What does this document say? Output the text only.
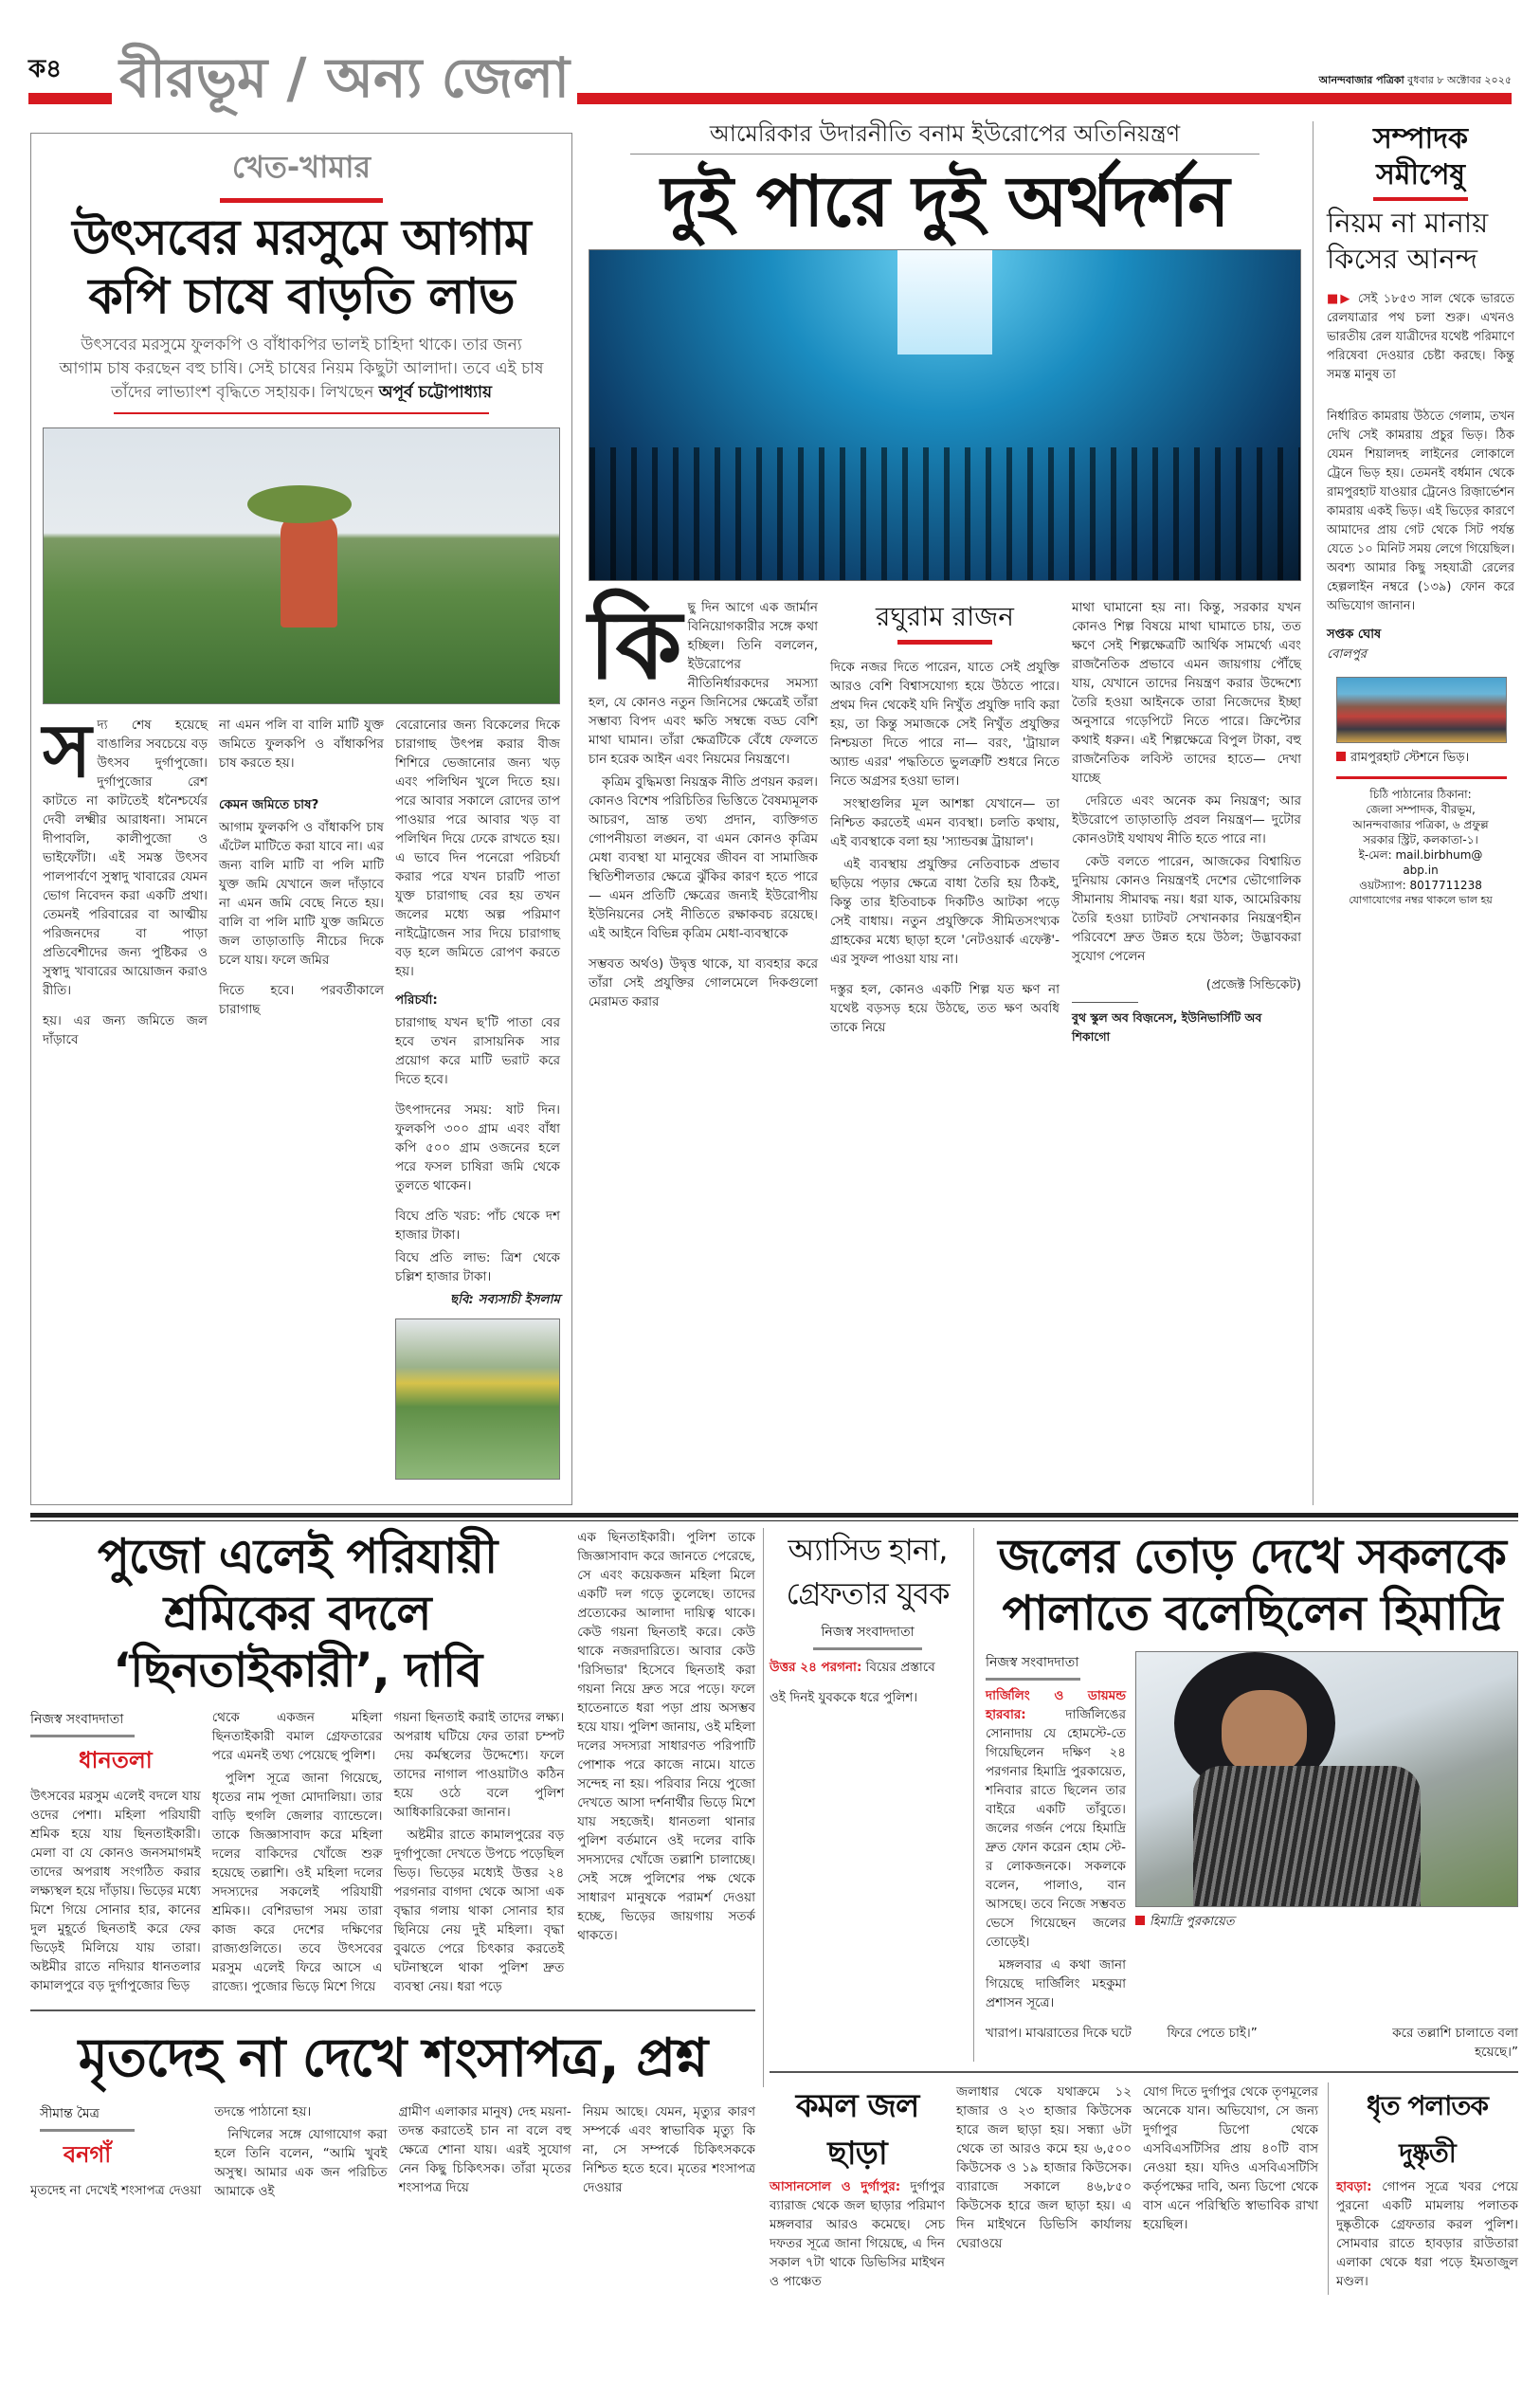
ক৪ বীরভূম / অন্য জেলা	আনন্দবাজার পত্রিকা বুধবার ৮ অক্টোবর ২০২৫
খেত-খামার
উৎসবের মরসুমে আগাম কপি চাষে বাড়তি লাভ
উৎসবের মরসুমে ফুলকপি ও বাঁধাকপির ভালই চাহিদা থাকে। তার জন্য আগাম চাষ করছেন বহু চাষি। সেই চাষের নিয়ম কিছুটা আলাদা। তবে এই চাষ তাঁদের লাভ্যাংশ বৃদ্ধিতে সহায়ক। লিখছেন অপূর্ব চট্টোপাধ্যায়

সদ্য শেষ হয়েছে বাঙালির সবচেয়ে বড় উৎসব দুর্গাপুজো। দুর্গাপুজোর রেশ কাটতে না কাটতেই ধনৈশ্চর্যের দেবী লক্ষ্মীর আরাধনা। সামনে দীপাবলি, কালীপুজো ও ভাইফোঁটা। এই সমস্ত উৎসব পালপার্বণে সুস্বাদু খাবারের যেমন ভোগ নিবেদন করা একটি প্রথা। তেমনই পরিবারের বা আত্মীয় পরিজনদের বা পাড়া প্রতিবেশীদের জন্য পুষ্টিকর ও সুস্বাদু খাবারের আয়োজন করাও রীতি।

হয়। এর জন্য জমিতে জল দাঁড়াবে

না এমন পলি বা বালি মাটি যুক্ত জমিতে ফুলকপি ও বাঁধাকপির চাষ করতে হয়।

কেমন জমিতে চাষ?

আগাম ফুলকপি ও বাঁধাকপি চাষ এঁটেল মাটিতে করা যাবে না। এর জন্য বালি মাটি বা পলি মাটি যুক্ত জমি যেখানে জল দাঁড়াবে না এমন জমি বেছে নিতে হয়। বালি বা পলি মাটি যুক্ত জমিতে জল তাড়াতাড়ি নীচের দিকে চলে যায়। ফলে জমির

দিতে হবে। পরবর্তীকালে চারাগাছ

বেরোনোর জন্য বিকেলের দিকে চারাগাছ উৎপন্ন করার বীজ শিশিরে ভেজানোর জন্য খড় এবং পলিথিন খুলে দিতে হয়। পরে আবার সকালে রোদের তাপ পাওয়ার পরে আবার খড় বা পলিথিন দিয়ে ঢেকে রাখতে হয়। এ ভাবে দিন পনেরো পরিচর্যা করার পরে যখন চারটি পাতা যুক্ত চারাগাছ বের হয় তখন জলের মধ্যে অল্প পরিমাণ নাইট্রোজেন সার দিয়ে চারাগাছ বড় হলে জমিতে রোপণ করতে হয়।

পরিচর্যা:

চারাগাছ যখন ছ'টি পাতা বের হবে তখন রাসায়নিক সার প্রয়োগ করে মাটি ভরাট করে দিতে হবে।

উৎপাদনের সময়: ষাট দিন। ফুলকপি ৩০০ গ্রাম এবং বাঁধা কপি ৫০০ গ্রাম ওজনের হলে পরে ফসল চাষিরা জমি থেকে তুলতে থাকেন।

বিঘে প্রতি খরচ: পাঁচ থেকে দশ হাজার টাকা।

বিঘে প্রতি লাভ: ত্রিশ থেকে চল্লিশ হাজার টাকা।

ছবি: সব্যসাচী ইসলাম

আমেরিকার উদারনীতি বনাম ইউরোপের অতিনিয়ন্ত্রণ
দুই পারে দুই অর্থদর্শন

কিছু দিন আগে এক জার্মান বিনিয়োগকারীর সঙ্গে কথা হচ্ছিল। তিনি বললেন, ইউরোপের নীতিনির্ধারকদের সমস্যা হল, যে কোনও নতুন জিনিসের ক্ষেত্রেই তাঁরা সম্ভাব্য বিপদ এবং ক্ষতি সম্বন্ধে বড্ড বেশি মাথা ঘামান। তাঁরা ক্ষেত্রটিকে বেঁধে ফেলতে চান হরেক আইন এবং নিয়মের নিয়ন্ত্রণে।

কৃত্রিম বুদ্ধিমত্তা নিয়ন্ত্রক নীতি প্রণয়ন করল। কোনও বিশেষ পরিচিতির ভিত্তিতে বৈষম্যমূলক আচরণ, ভ্রান্ত তথ্য প্রদান, ব্যক্তিগত গোপনীয়তা লঙ্ঘন, বা এমন কোনও কৃত্রিম মেধা ব্যবস্থা যা মানুষের জীবন বা সামাজিক স্থিতিশীলতার ক্ষেত্রে ঝুঁকির কারণ হতে পারে— এমন প্রতিটি ক্ষেত্রের জন্যই ইউরোপীয় ইউনিয়নের সেই নীতিতে রক্ষাকবচ রয়েছে। এই আইনে বিভিন্ন কৃত্রিম মেধা-ব্যবস্থাকে

সম্ভবত অর্থও) উদ্বৃত্ত থাকে, যা ব্যবহার করে তাঁরা সেই প্রযুক্তির গোলমেলে দিকগুলো মেরামত করার

রঘুরাম রাজন

দিকে নজর দিতে পারেন, যাতে সেই প্রযুক্তি আরও বেশি বিশ্বাসযোগ্য হয়ে উঠতে পারে। প্রথম দিন থেকেই যদি নিখুঁত প্রযুক্তি দাবি করা হয়, তা কিন্তু সমাজকে সেই নিখুঁত প্রযুক্তির নিশ্চয়তা দিতে পারে না— বরং, 'ট্রায়াল অ্যান্ড এরর' পদ্ধতিতে ভুলত্রুটি শুধরে নিতে নিতে অগ্রসর হওয়া ভাল।

সংস্থাগুলির মূল আশঙ্কা যেখানে— তা নিশ্চিত করতেই এমন ব্যবস্থা। চলতি কথায়, এই ব্যবস্থাকে বলা হয় 'স্যান্ডবক্স ট্রায়াল'।

এই ব্যবস্থায় প্রযুক্তির নেতিবাচক প্রভাব ছড়িয়ে পড়ার ক্ষেত্রে বাধা তৈরি হয় ঠিকই, কিন্তু তার ইতিবাচক দিকটিও আটকা পড়ে সেই বাধায়। নতুন প্রযুক্তিকে সীমিতসংখ্যক গ্রাহকের মধ্যে ছাড়া হলে 'নেটওয়ার্ক এফেক্ট'-এর সুফল পাওয়া যায় না।

দস্তুর হল, কোনও একটি শিল্প যত ক্ষণ না যথেষ্ট বড়সড় হয়ে উঠছে, তত ক্ষণ অবধি তাকে নিয়ে

মাথা ঘামানো হয় না। কিন্তু, সরকার যখন কোনও শিল্প বিষয়ে মাথা ঘামাতে চায়, তত ক্ষণে সেই শিল্পক্ষেত্রটি আর্থিক সামর্থ্যে এবং রাজনৈতিক প্রভাবে এমন জায়গায় পৌঁছে যায়, যেখানে তাদের নিয়ন্ত্রণ করার উদ্দেশ্যে তৈরি হওয়া আইনকে তারা নিজেদের ইচ্ছা অনুসারে গড়েপিটে নিতে পারে। ক্রিপ্টোর কথাই ধরুন। এই শিল্পক্ষেত্রে বিপুল টাকা, বহু রাজনৈতিক লবিস্ট তাদের হাতে— দেখা যাচ্ছে

দেরিতে এবং অনেক কম নিয়ন্ত্রণ; আর ইউরোপে তাড়াতাড়ি প্রবল নিয়ন্ত্রণ— দুটোর কোনওটাই যথাযথ নীতি হতে পারে না।

কেউ বলতে পারেন, আজকের বিশ্বায়িত দুনিয়ায় কোনও নিয়ন্ত্রণই দেশের ভৌগোলিক সীমানায় সীমাবদ্ধ নয়। ধরা যাক, আমেরিকায় তৈরি হওয়া চ্যাটবট সেখানকার নিয়ন্ত্রণহীন পরিবেশে দ্রুত উন্নত হয়ে উঠল; উদ্ভাবকরা সুযোগ পেলেন

(প্রজেক্ট সিন্ডিকেট)

বুথ স্কুল অব বিজ়নেস, ইউনিভার্সিটি অব শিকাগো
সম্পাদক
সমীপেষু
নিয়ম না মানায় কিসের আনন্দ

■▶ সেই ১৮৫৩ সাল থেকে ভারতে রেলযাত্রার পথ চলা শুরু। এখনও ভারতীয় রেল যাত্রীদের যথেষ্ট পরিমাণে পরিষেবা দেওয়ার চেষ্টা করছে। কিন্তু সমস্ত মানুষ তা

নির্ধারিত কামরায় উঠতে গেলাম, তখন দেখি সেই কামরায় প্রচুর ভিড়। ঠিক যেমন শিয়ালদহ লাইনের লোকালে ট্রেনে ভিড় হয়। তেমনই বর্ধমান থেকে রামপুরহাট যাওয়ার ট্রেনেও রিজ়ার্ভেশন কামরায় একই ভিড়। এই ভিড়ের কারণে আমাদের প্রায় গেট থেকে সিট পর্যন্ত যেতে ১০ মিনিট সময় লেগে গিয়েছিল। অবশ্য আমার কিছু সহযাত্রী রেলের হেল্পলাইন নম্বরে (১৩৯) ফোন করে অভিযোগ জানান।

সপ্তক ঘোষ
বোলপুর
রামপুরহাট স্টেশনে ভিড়।
চিঠি পাঠানোর ঠিকানা:
জেলা সম্পাদক, বীরভূম,
আনন্দবাজার পত্রিকা, ৬ প্রফুল্ল
সরকার স্ট্রিট, কলকাতা-১।
ই-মেল: mail.birbhum@
abp.in
ওয়টস্যাপ: 8017711238
যোগাযোগের নম্বর থাকলে ভাল হয়
পুজো এলেই পরিযায়ী শ্রমিকের বদলে ‘ছিনতাইকারী’, দাবি
নিজস্ব সংবাদদাতা
ধানতলা

উৎসবের মরসুম এলেই বদলে যায় ওদের পেশা। মহিলা পরিযায়ী শ্রমিক হয়ে যায় ছিনতাইকারী। মেলা বা যে কোনও জনসমাগমই তাদের অপরাধ সংগঠিত করার লক্ষ্যস্থল হয়ে দাঁড়ায়। ভিড়ের মধ্যে মিশে গিয়ে সোনার হার, কানের দুল মুহূর্তে ছিনতাই করে ফের ভিড়েই মিলিয়ে যায় তারা। অষ্টমীর রাতে নদিয়ার ধানতলার কামালপুরে বড় দুর্গাপুজোর ভিড়

থেকে একজন মহিলা ছিনতাইকারী বমাল গ্রেফতারের পরে এমনই তথ্য পেয়েছে পুলিশ।

পুলিশ সূত্রে জানা গিয়েছে, ধৃতের নাম পূজা মোদালিয়া। তার বাড়ি হুগলি জেলার ব্যান্ডেলে। তাকে জিজ্ঞাসাবাদ করে মহিলা দলের বাকিদের খোঁজে শুরু হয়েছে তল্লাশি। ওই মহিলা দলের সদস্যদের সকলেই পরিযায়ী শ্রমিক।। বেশিরভাগ সময় তারা কাজ করে দেশের দক্ষিণের রাজ্যগুলিতে। তবে উৎসবের মরসুম এলেই ফিরে আসে এ রাজ্যে। পুজোর ভিড়ে মিশে গিয়ে

গয়না ছিনতাই করাই তাদের লক্ষ্য। অপরাধ ঘটিয়ে ফের তারা চম্পট দেয় কর্মস্থলের উদ্দেশ্যে। ফলে তাদের নাগাল পাওয়াটাও কঠিন হয়ে ওঠে বলে পুলিশ আধিকারিকেরা জানান।

অষ্টমীর রাতে কামালপুরের বড় দুর্গাপুজো দেখতে উপচে পড়েছিল ভিড়। ভিড়ের মধ্যেই উত্তর ২৪ পরগনার বাগদা থেকে আসা এক বৃদ্ধার গলায় থাকা সোনার হার ছিনিয়ে নেয় দুই মহিলা। বৃদ্ধা বুঝতে পেরে চিৎকার করতেই ঘটনাস্থলে থাকা পুলিশ দ্রুত ব্যবস্থা নেয়। ধরা পড়ে

এক ছিনতাইকারী। পুলিশ তাকে জিজ্ঞাসাবাদ করে জানতে পেরেছে, সে এবং কয়েকজন মহিলা মিলে একটি দল গড়ে তুলেছে। তাদের প্রত্যেকের আলাদা দায়িত্ব থাকে। কেউ গয়না ছিনতাই করে। কেউ থাকে নজরদারিতে। আবার কেউ 'রিসিভার' হিসেবে ছিনতাই করা গয়না নিয়ে দ্রুত সরে পড়ে। ফলে হাতেনাতে ধরা পড়া প্রায় অসম্ভব হয়ে যায়। পুলিশ জানায়, ওই মহিলা দলের সদস্যরা সাধারণত পরিপাটি পোশাক পরে কাজে নামে। যাতে সন্দেহ না হয়। পরিবার নিয়ে পুজো দেখতে আসা দর্শনার্থীর ভিড়ে মিশে যায় সহজেই। ধানতলা থানার পুলিশ বর্তমানে ওই দলের বাকি সদস্যদের খোঁজে তল্লাশি চালাচ্ছে। সেই সঙ্গে পুলিশের পক্ষ থেকে সাধারণ মানুষকে পরামর্শ দেওয়া হচ্ছে, ভিড়ের জায়গায় সতর্ক থাকতে।

মৃতদেহ না দেখে শংসাপত্র, প্রশ্ন
সীমান্ত মৈত্র
বনগাঁ

মৃতদেহ না দেখেই শংসাপত্র দেওয়া

তদন্তে পাঠানো হয়।

নিখিলের সঙ্গে যোগাযোগ করা হলে তিনি বলেন, “আমি খুবই অসুস্থ। আমার এক জন পরিচিত আমাকে ওই

গ্রামীণ এলাকার মানুষ) দেহ ময়না-তদন্ত করাতেই চান না বলে বহু ক্ষেত্রে শোনা যায়। এরই সুযোগ নেন কিছু চিকিৎসক। তাঁরা মৃতের শংসাপত্র দিয়ে

নিয়ম আছে। যেমন, মৃত্যুর কারণ সম্পর্কে এবং স্বাভাবিক মৃত্যু কি না, সে সম্পর্কে চিকিৎসককে নিশ্চিত হতে হবে। মৃতের শংসাপত্র দেওয়ার

অ্যাসিড হানা, গ্রেফতার যুবক
নিজস্ব সংবাদদাতা

উত্তর ২৪ পরগনা: বিয়ের প্রস্তাবে

ওই দিনই যুবককে ধরে পুলিশ।

জলের তোড় দেখে সকলকে পালাতে বলেছিলেন হিমাদ্রি
নিজস্ব সংবাদদাতা

দার্জিলিং ও ডায়মন্ড হারবার:	দার্জিলিঙের সোনাদায় যে হোমস্টে-তে গিয়েছিলেন দক্ষিণ ২৪ পরগনার হিমাদ্রি পুরকায়েত, শনিবার রাতে ছিলেন তার বাইরে একটি তাঁবুতে। জলের গর্জন পেয়ে হিমাদ্রি দ্রুত ফোন করেন হোম স্টে-র লোকজনকে। সকলকে বলেন, পালাও, বান আসছে। তবে নিজে সম্ভবত ভেসে গিয়েছেন জলের তোড়েই।

মঙ্গলবার এ কথা জানা গিয়েছে দার্জিলিং মহকুমা প্রশাসন সূত্রে।

হিমাদ্রি পুরকায়েত
খারাপ। মাঝরাতের দিকে ঘটে	ফিরে পেতে চাই।”	করে তল্লাশি চালাতে বলা হয়েছে।”
কমল জল ছাড়া

আসানসোল ও দুর্গাপুর: দুর্গাপুর ব্যারাজ থেকে জল ছাড়ার পরিমাণ মঙ্গলবার আরও কমেছে। সেচ দফতর সূত্রে জানা গিয়েছে, এ দিন সকাল ৭টা থাকে ডিভিসির মাইথন ও পাঞ্চেত

জলাধার থেকে যথাক্রমে ১২ হাজার ও ২৩ হাজার কিউসেক হারে জল ছাড়া হয়। সন্ধ্যা ৬টা থেকে তা আরও কমে হয় ৬,৫০০ কিউসেক ও ১৯ হাজার কিউসেক। ব্যারাজে সকালে ৪৬,৮৫০ কিউসেক হারে জল ছাড়া হয়। এ দিন মাইথনে ডিভিসি কার্যালয় ঘেরাওয়ে

যোগ দিতে দুর্গাপুর থেকে তৃণমূলের অনেকে যান। অভিযোগ, সে জন্য দুর্গাপুর ডিপো থেকে এসবিএসটিসির প্রায় ৪০টি বাস নেওয়া হয়। যদিও এসবিএসটিসি কর্তৃপক্ষের দাবি, অন্য ডিপো থেকে বাস এনে পরিস্থিতি স্বাভাবিক রাখা হয়েছিল।

ধৃত পলাতক দুষ্কৃতী

হাবড়া: গোপন সূত্রে খবর পেয়ে পুরনো একটি মামলায় পলাতক দুষ্কৃতীকে গ্রেফতার করল পুলিশ। সোমবার রাতে হাবড়ার রাউতারা এলাকা থেকে ধরা পড়ে ইমতাজুল মণ্ডল।
